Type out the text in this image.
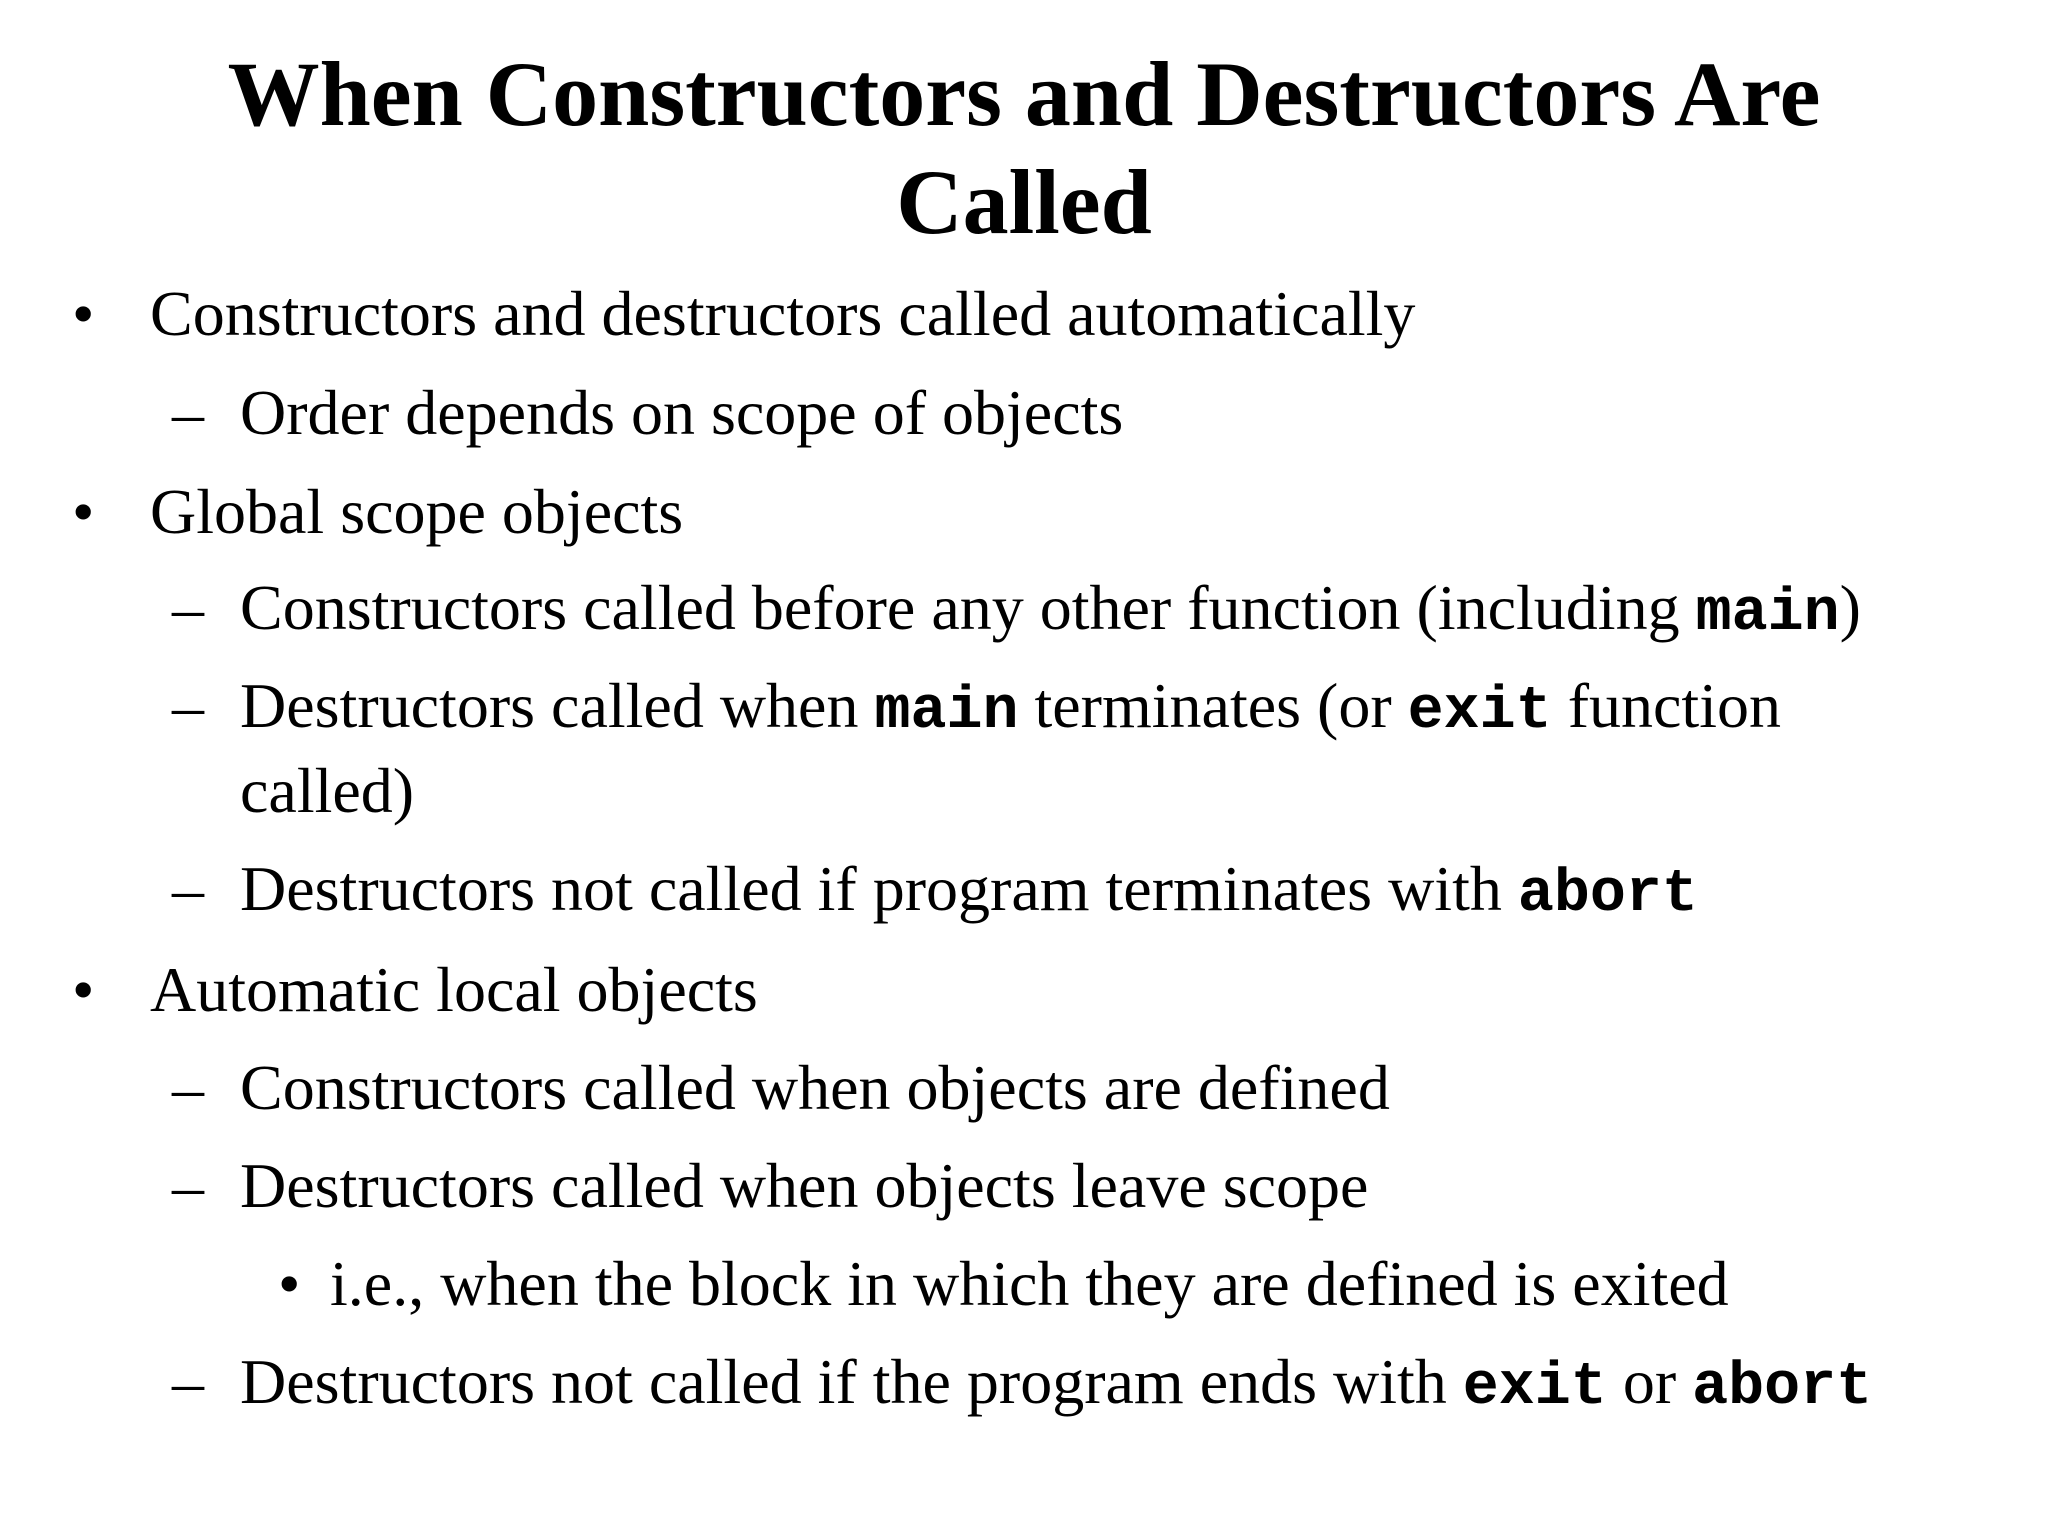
When Constructors and Destructors Are
Called
• Constructors and destructors called automatically
– Order depends on scope of objects
• Global scope objects
– Constructors called before any other function (including main)
– Destructors called when main terminates (or exit function
called)
– Destructors not called if program terminates with abort
• Automatic local objects
– Constructors called when objects are defined
– Destructors called when objects leave scope
• i.e., when the block in which they are defined is exited
– Destructors not called if the program ends with exit or abort
